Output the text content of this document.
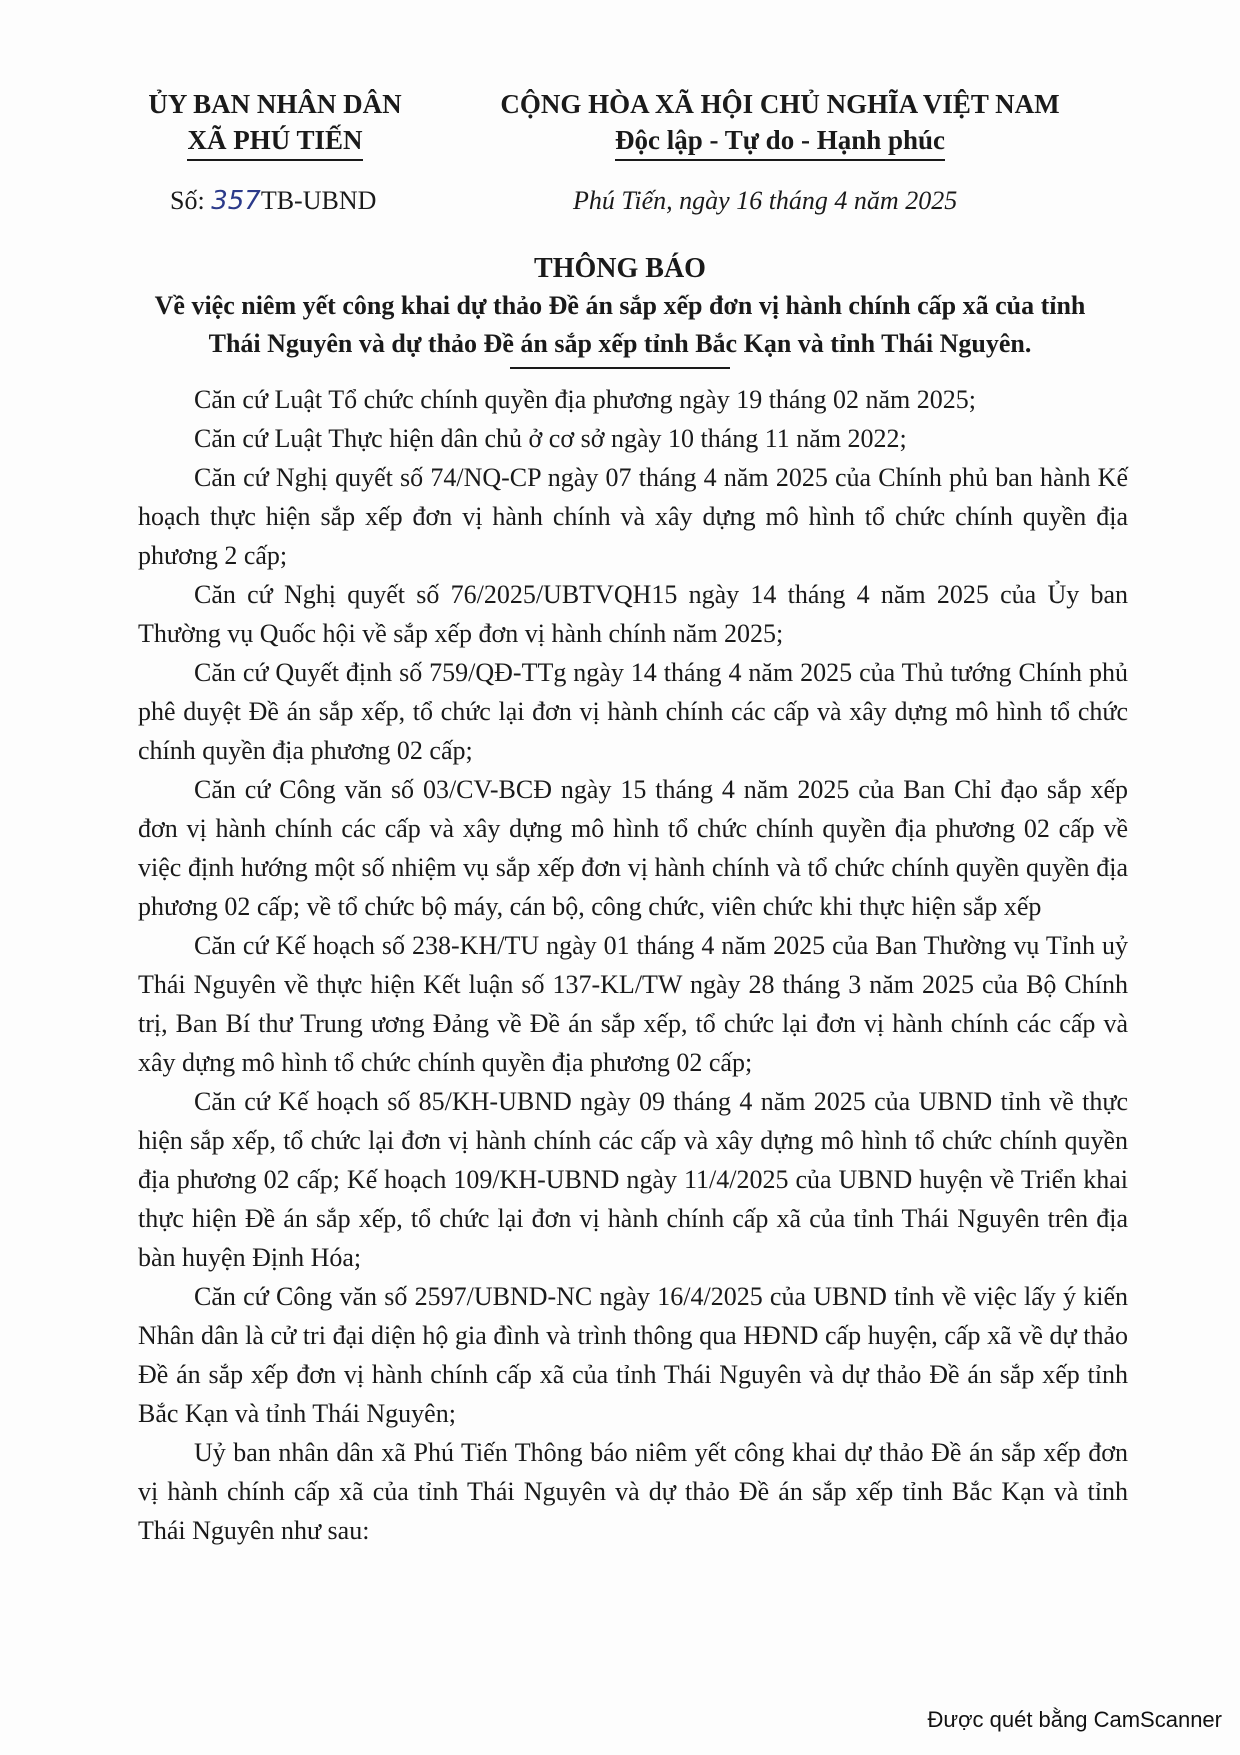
ỦY BAN NHÂN DÂN
XÃ PHÚ TIẾN
CỘNG HÒA XÃ HỘI CHỦ NGHĨA VIỆT NAM
Độc lập - Tự do - Hạnh phúc
Số: 357TB-UBND	Phú Tiến, ngày 16 tháng 4 năm 2025
THÔNG BÁO
Về việc niêm yết công khai dự thảo Đề án sắp xếp đơn vị hành chính cấp xã của tỉnh Thái Nguyên và dự thảo Đề án sắp xếp tỉnh Bắc Kạn và tỉnh Thái Nguyên.

Căn cứ Luật Tổ chức chính quyền địa phương ngày 19 tháng 02 năm 2025;

Căn cứ Luật Thực hiện dân chủ ở cơ sở ngày 10 tháng 11 năm 2022;

Căn cứ Nghị quyết số 74/NQ-CP ngày 07 tháng 4 năm 2025 của Chính phủ ban hành Kế hoạch thực hiện sắp xếp đơn vị hành chính và xây dựng mô hình tổ chức chính quyền địa phương 2 cấp;

Căn cứ Nghị quyết số 76/2025/UBTVQH15 ngày 14 tháng 4 năm 2025 của Ủy ban Thường vụ Quốc hội về sắp xếp đơn vị hành chính năm 2025;

Căn cứ Quyết định số 759/QĐ-TTg ngày 14 tháng 4 năm 2025 của Thủ tướng Chính phủ phê duyệt Đề án sắp xếp, tổ chức lại đơn vị hành chính các cấp và xây dựng mô hình tổ chức chính quyền địa phương 02 cấp;

Căn cứ Công văn số 03/CV-BCĐ ngày 15 tháng 4 năm 2025 của Ban Chỉ đạo sắp xếp đơn vị hành chính các cấp và xây dựng mô hình tổ chức chính quyền địa phương 02 cấp về việc định hướng một số nhiệm vụ sắp xếp đơn vị hành chính và tổ chức chính quyền quyền địa phương 02 cấp; về tổ chức bộ máy, cán bộ, công chức, viên chức khi thực hiện sắp xếp

Căn cứ Kế hoạch số 238-KH/TU ngày 01 tháng 4 năm 2025 của Ban Thường vụ Tỉnh uỷ Thái Nguyên về thực hiện Kết luận số 137-KL/TW ngày 28 tháng 3 năm 2025 của Bộ Chính trị, Ban Bí thư Trung ương Đảng về Đề án sắp xếp, tổ chức lại đơn vị hành chính các cấp và xây dựng mô hình tổ chức chính quyền địa phương 02 cấp;

Căn cứ Kế hoạch số 85/KH-UBND ngày 09 tháng 4 năm 2025 của UBND tỉnh về thực hiện sắp xếp, tổ chức lại đơn vị hành chính các cấp và xây dựng mô hình tổ chức chính quyền địa phương 02 cấp; Kế hoạch 109/KH-UBND ngày 11/4/2025 của UBND huyện về Triển khai thực hiện Đề án sắp xếp, tổ chức lại đơn vị hành chính cấp xã của tỉnh Thái Nguyên trên địa bàn huyện Định Hóa;

Căn cứ Công văn số 2597/UBND-NC ngày 16/4/2025 của UBND tỉnh về việc lấy ý kiến Nhân dân là cử tri đại diện hộ gia đình và trình thông qua HĐND cấp huyện, cấp xã về dự thảo Đề án sắp xếp đơn vị hành chính cấp xã của tỉnh Thái Nguyên và dự thảo Đề án sắp xếp tỉnh Bắc Kạn và tỉnh Thái Nguyên;

Uỷ ban nhân dân xã Phú Tiến Thông báo niêm yết công khai dự thảo Đề án sắp xếp đơn vị hành chính cấp xã của tỉnh Thái Nguyên và dự thảo Đề án sắp xếp tỉnh Bắc Kạn và tỉnh Thái Nguyên như sau:

Được quét bằng CamScanner
